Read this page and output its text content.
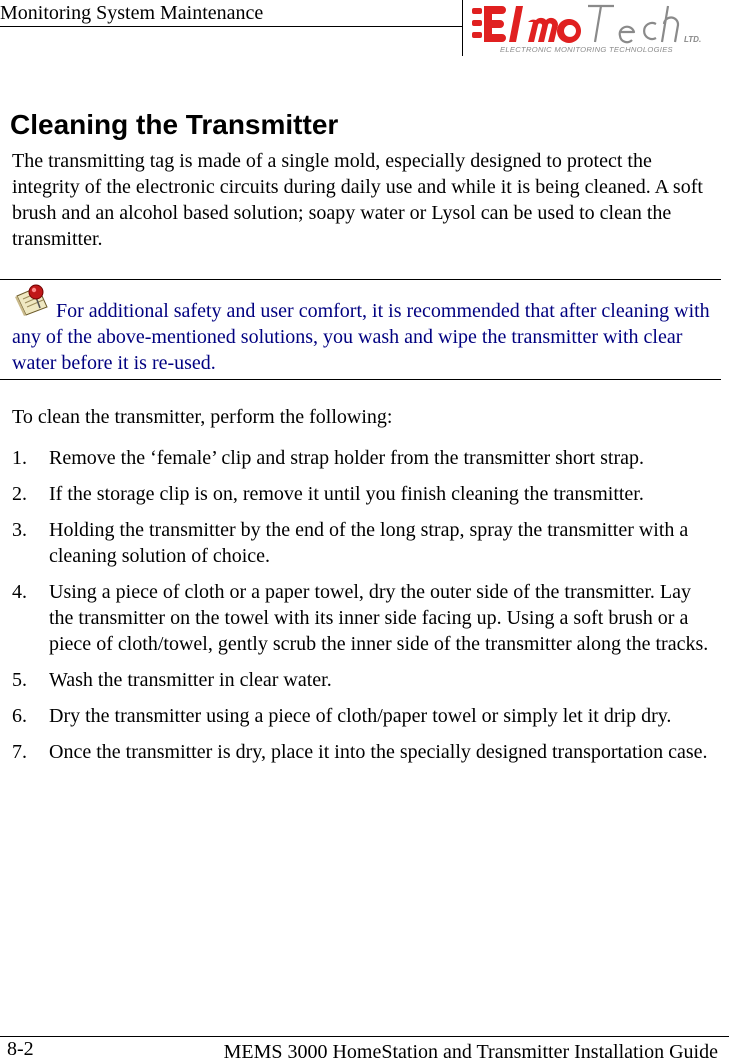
Monitoring System Maintenance
LTD.
ELECTRONIC MONITORING TECHNOLOGIES
Cleaning the Transmitter

The transmitting tag is made of a single mold, especially designed to protect the integrity of the electronic circuits during daily use and while it is being cleaned. A soft brush and an alcohol based solution; soapy water or Lysol can be used to clean the transmitter.

For additional safety and user comfort, it is recommended that after cleaning with any of the above-mentioned solutions, you wash and wipe the transmitter with clear water before it is re-used.

To clean the transmitter, perform the following:

1. Remove the ‘female’ clip and strap holder from the transmitter short strap.
2. If the storage clip is on, remove it until you finish cleaning the transmitter.
3. Holding the transmitter by the end of the long strap, spray the transmitter with a cleaning solution of choice.
4. Using a piece of cloth or a paper towel, dry the outer side of the transmitter. Lay the transmitter on the towel with its inner side facing up. Using a soft brush or a piece of cloth/towel, gently scrub the inner side of the transmitter along the tracks.
5. Wash the transmitter in clear water.
6. Dry the transmitter using a piece of cloth/paper towel or simply let it drip dry.
7. Once the transmitter is dry, place it into the specially designed transportation case.
8-2	MEMS 3000 HomeStation and Transmitter Installation Guide
